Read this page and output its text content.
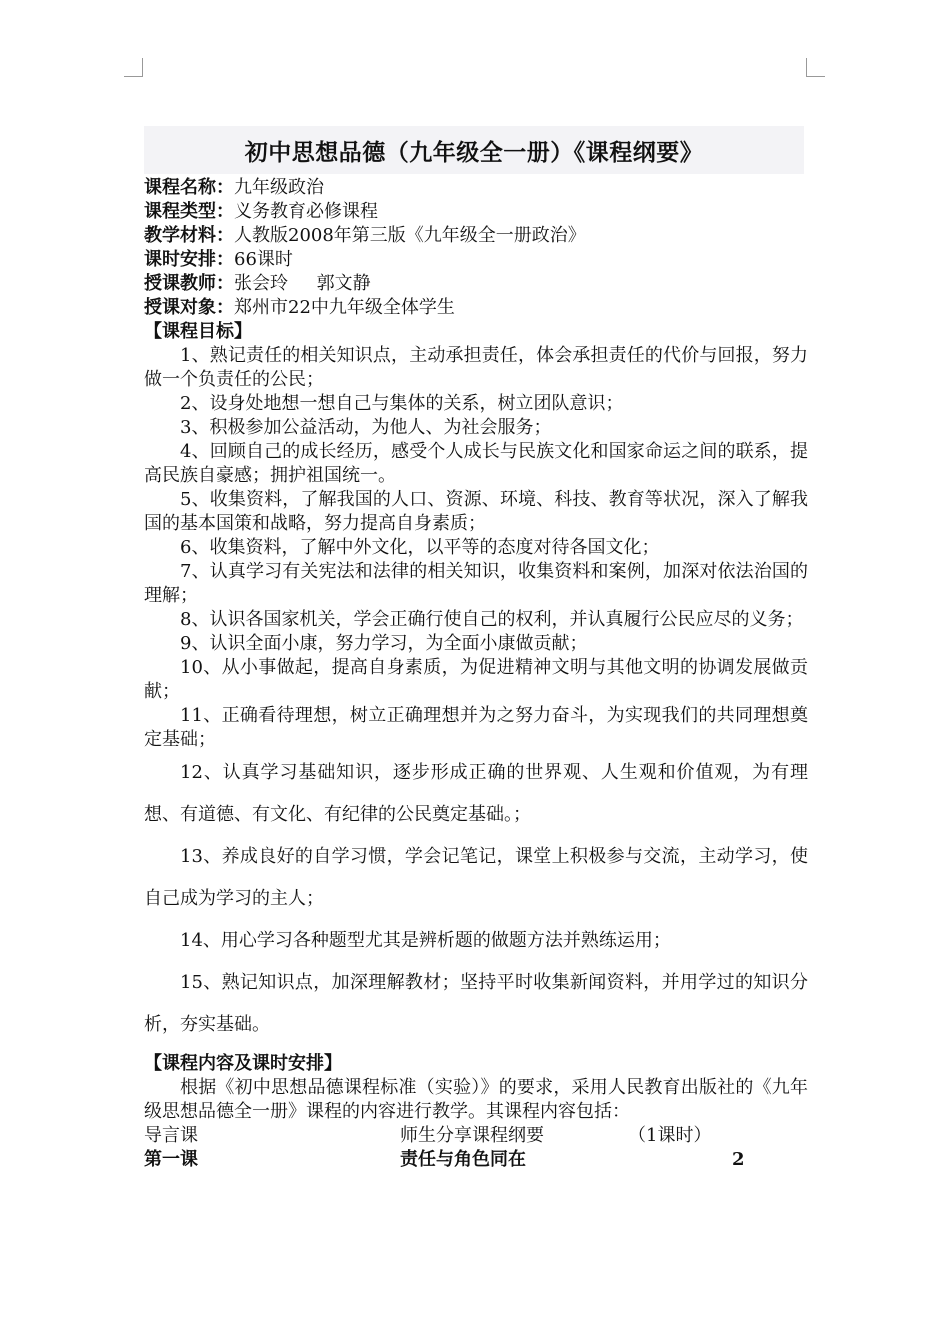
初中思想品德（九年级全一册）《课程纲要》
课程名称：九年级政治
课程类型：义务教育必修课程
教学材料：人教版2008年第三版《九年级全一册政治》
课时安排：66课时
授课教师：张会玲     郭文静
授课对象：郑州市22中九年级全体学生
【课程目标】
1、熟记责任的相关知识点，主动承担责任，体会承担责任的代价与回报，努力做一个负责任的公民；
2、设身处地想一想自己与集体的关系，树立团队意识；
3、积极参加公益活动，为他人、为社会服务；
4、回顾自己的成长经历，感受个人成长与民族文化和国家命运之间的联系，提高民族自豪感；拥护祖国统一。
5、收集资料，了解我国的人口、资源、环境、科技、教育等状况，深入了解我国的基本国策和战略，努力提高自身素质；
6、收集资料，了解中外文化，以平等的态度对待各国文化；
7、认真学习有关宪法和法律的相关知识，收集资料和案例，加深对依法治国的理解；
8、认识各国家机关，学会正确行使自己的权利，并认真履行公民应尽的义务；
9、认识全面小康，努力学习，为全面小康做贡献；
10、从小事做起，提高自身素质，为促进精神文明与其他文明的协调发展做贡献；
11、正确看待理想，树立正确理想并为之努力奋斗，为实现我们的共同理想奠定基础；
12、认真学习基础知识，逐步形成正确的世界观、人生观和价值观，为有理想、有道德、有文化、有纪律的公民奠定基础。；
13、养成良好的自学习惯，学会记笔记，课堂上积极参与交流，主动学习，使自己成为学习的主人；
14、用心学习各种题型尤其是辨析题的做题方法并熟练运用；
15、熟记知识点，加深理解教材；坚持平时收集新闻资料，并用学过的知识分析，夯实基础。
【课程内容及课时安排】
根据《初中思想品德课程标准（实验）》的要求，采用人民教育出版社的《九年级思想品德全一册》课程的内容进行教学。其课程内容包括：
导言课	师生分享课程纲要	（1课时）
第一课	责任与角色同在	2
